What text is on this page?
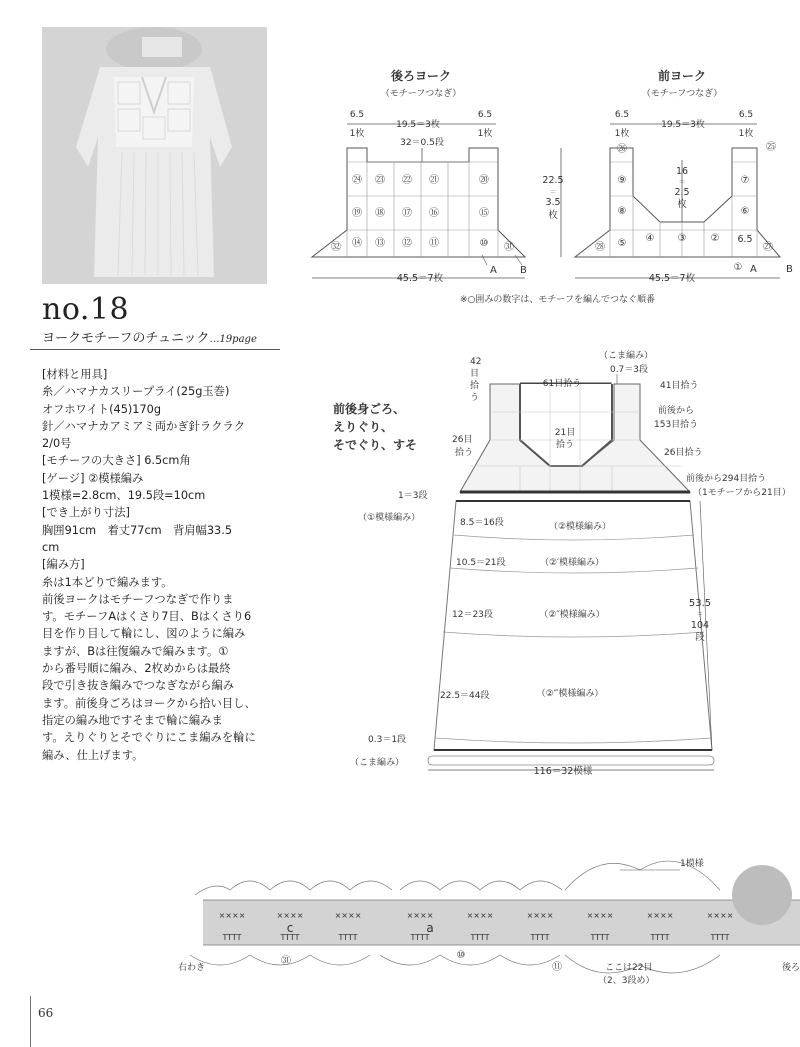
no.18
ヨークモチーフのチュニック…19page
[材料と用具]
糸／ハマナカスリープライ(25g玉巻)
オフホワイト(45)170g
針／ハマナカアミアミ両かぎ針ラクラク
2/0号
[モチーフの大きさ] 6.5cm角
[ゲージ] ②模様編み
1模様=2.8cm、19.5段=10cm
[でき上がり寸法]
胸囲91cm　着丈77cm　背肩幅33.5
cm
[編み方]
糸は1本どりで編みます。
前後ヨークはモチーフつなぎで作りま
す。モチーフAはくさり7目、Bはくさり6
目を作り目して輪にし、図のように編み
ますが、Bは往復編みで編みます。①
から番号順に編み、2枚めからは最終
段で引き抜き編みでつなぎながら編み
ます。前後身ごろはヨークから拾い目し、
指定の編み地ですそまで輪に編みま
す。えりぐりとそでぐりにこま編みを輪に
編み、仕上げます。
後ろヨーク
（モチーフつなぎ）
6.5
1枚
19.5＝3枚
6.5
1枚
32＝0.5段
㉔ ㉓ ㉒ ㉑	⑳
⑲ ⑱ ⑰ ⑯	⑮
㉜ ⑭ ⑬ ⑫ ⑪	⑩ ㉛
45.5＝7枚
A B
22.5
＝
3.5
枚
前ヨーク
（モチーフつなぎ）
6.5
1枚
19.5＝3枚
6.5
1枚
16
＝
2.5
枚
㉖	㉕
⑨	⑦
⑧	⑥
㉘ ⑤ ④ ③ ②
㉗
①
6.5
45.5＝7枚
A	B
※○囲みの数字は、モチーフを編んでつなぐ順番
前後身ごろ、
えりぐり、
そでぐり、すそ
（こま編み）
0.7＝3段
42
目
拾
う
61目拾う	41目拾う
前後から
153目拾う
21目
拾う
26目
拾う	26目拾う
前後から294目拾う
（1モチーフから21目）
1＝3段
（①模様編み）	8.5＝16段	（②模様編み）
10.5＝21段	（②′模様編み）
12＝23段	（②″模様編み）
22.5＝44段	（②‴模様編み）
53.5
＝
104
段
0.3＝1段
（こま編み）
116＝32模様
××××	××××	××××	××××	××××	××××	××××	××××	××××
TTTT	TTTT	TTTT	TTTT	TTTT	TTTT	TTTT	TTTT	TTTT
c	a
1模様
右わき	後ろ
㉛
⑩
⑪	ここは22目
（2、3段め）
66
